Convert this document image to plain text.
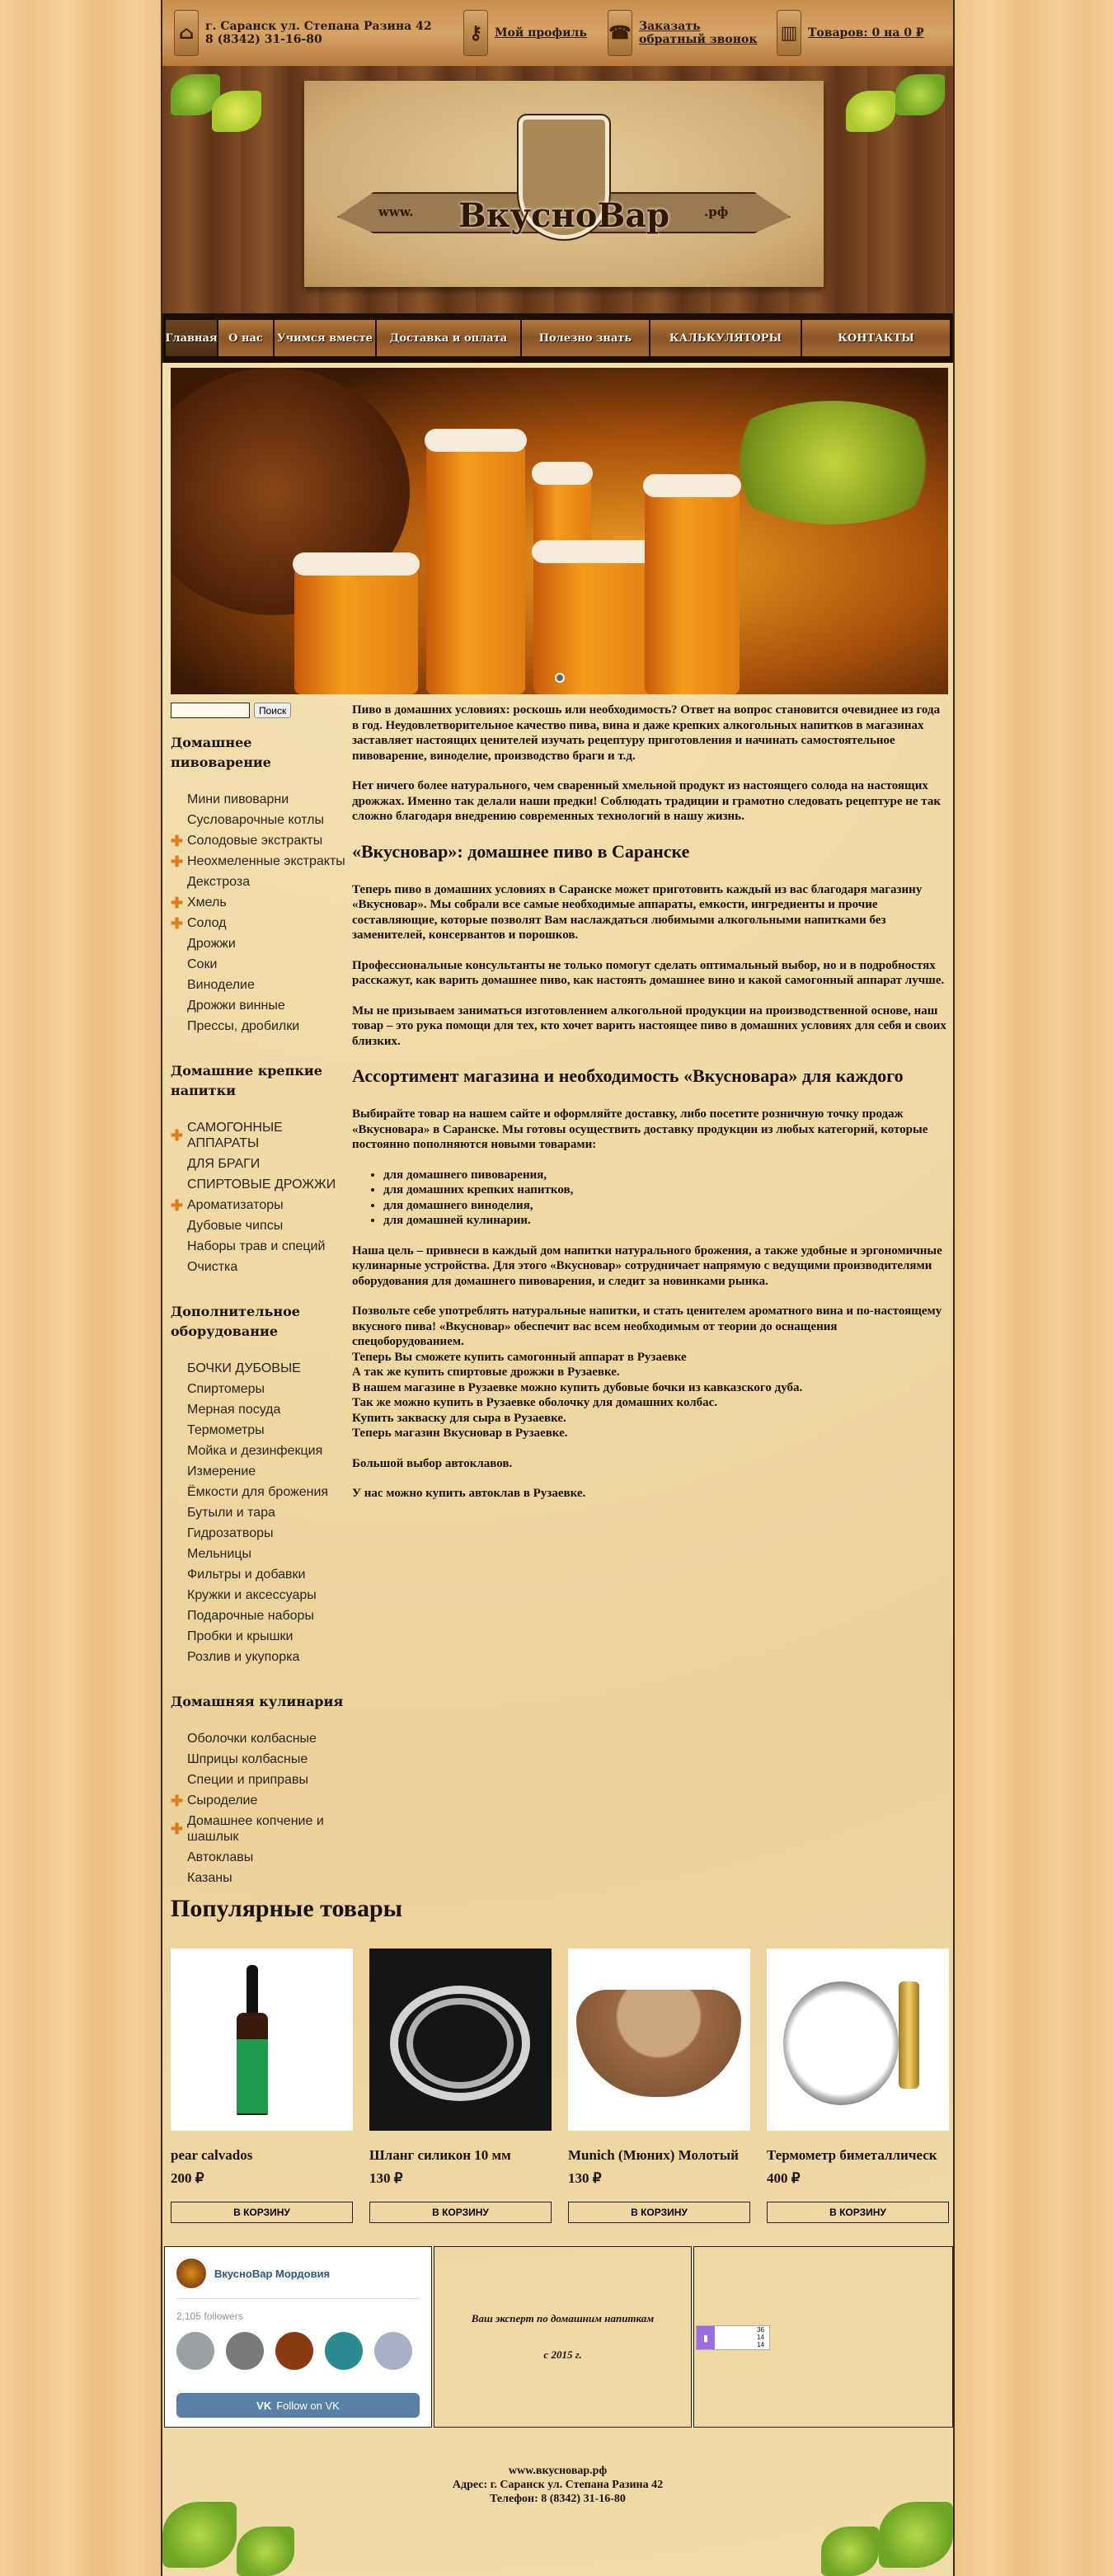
⌂ г. Саранск ул. Степана Разина 42
8 (8342) 31-16-80	⚷	Мой профиль ☎ Заказать
обратный звонок ▥ Товаров: 0 на 0 ₽
www.	.рф
ВкусноВар
Главная	О нас	Учимся вместе	Доставка и оплата	Полезно знать	КАЛЬКУЛЯТОРЫ	КОНТАКТЫ
Поиск
Домашнее пивоварение
Мини пивоварни
Сусловарочные котлы
✚ Солодовые экстракты
✚ Неохмеленные экстракты
Декстроза
✚ Хмель
✚ Солод
Дрожжи
Соки
Виноделие
Дрожжи винные
Прессы, дробилки
Домашние крепкие напитки
✚ САМОГОННЫЕ АППАРАТЫ
ДЛЯ БРАГИ
СПИРТОВЫЕ ДРОЖЖИ
✚ Ароматизаторы
Дубовые чипсы
Наборы трав и специй
Очистка
Дополнительное оборудование
БОЧКИ ДУБОВЫЕ
Спиртомеры
Мерная посуда
Термометры
Мойка и дезинфекция
Измерение
Ёмкости для брожения
Бутыли и тара
Гидрозатворы
Мельницы
Фильтры и добавки
Кружки и аксессуары
Подарочные наборы
Пробки и крышки
Розлив и укупорка
Домашняя кулинария
Оболочки колбасные
Шприцы колбасные
Специи и приправы
✚ Сыроделие
✚ Домашнее копчение и шашлык
Автоклавы
Казаны

Пиво в домашних условиях: роскошь или необходимость? Ответ на вопрос становится очевиднее из года в год. Неудовлетворительное качество пива, вина и даже крепких алкогольных напитков в магазинах заставляет настоящих ценителей изучать рецептуру приготовления и начинать самостоятельное пивоварение, виноделие, производство браги и т.д.

Нет ничего более натурального, чем сваренный хмельной продукт из настоящего солода на настоящих дрожжах. Именно так делали наши предки! Соблюдать традиции и грамотно следовать рецептуре не так сложно благодаря внедрению современных технологий в нашу жизнь.

«Вкусновар»: домашнее пиво в Саранске

Теперь пиво в домашних условиях в Саранске может приготовить каждый из вас благодаря магазину «Вкусновар». Мы собрали все самые необходимые аппараты, емкости, ингредиенты и прочие составляющие, которые позволят Вам наслаждаться любимыми алкогольными напитками без заменителей, консервантов и порошков.

Профессиональные консультанты не только помогут сделать оптимальный выбор, но и в подробностях расскажут, как варить домашнее пиво, как настоять домашнее вино и какой самогонный аппарат лучше.

Мы не призываем заниматься изготовлением алкогольной продукции на производственной основе, наш товар – это рука помощи для тех, кто хочет варить настоящее пиво в домашних условиях для себя и своих близких.

Ассортимент магазина и необходимость «Вкусновара» для каждого

Выбирайте товар на нашем сайте и оформляйте доставку, либо посетите розничную точку продаж «Вкусновара» в Саранске. Мы готовы осуществить доставку продукции из любых категорий, которые постоянно пополняются новыми товарами:

• для домашнего пивоварения,
• для домашних крепких напитков,
• для домашнего виноделия,
• для домашней кулинарии.

Наша цель – привнеси в каждый дом напитки натурального брожения, а также удобные и эргономичные кулинарные устройства. Для этого «Вкусновар» сотрудничает напрямую с ведущими производителями оборудования для домашнего пивоварения, и следит за новинками рынка.

Позвольте себе употреблять натуральные напитки, и стать ценителем ароматного вина и по-настоящему вкусного пива! «Вкусновар» обеспечит вас всем необходимым от теории до оснащения спецоборудованием.

Теперь Вы сможете купить самогонный аппарат в Рузаевке

А так же купить спиртовые дрожжи в Рузаевке.

В нашем магазине в Рузаевке можно купить дубовые бочки из кавказского дуба.

Так же можно купить в Рузаевке оболочку для домашних колбас.

Купить закваску для сыра в Рузаевке.

Теперь магазин Вкусновар в Рузаевке.

Большой выбор автоклавов.

У нас можно купить автоклав в Рузаевке.

Популярные товары
pear calvados
200 ₽
В КОРЗИНУ
Шланг силикон 10 мм
130 ₽
В КОРЗИНУ
Munich (Мюних) Молотый
130 ₽
В КОРЗИНУ
Термометр биметаллическ
400 ₽
В КОРЗИНУ
ВкусноВар Мордовия
2,105 followers
VK Follow on VK
Ваш эксперт по домашним напиткам
с 2015 г.
▮
36
14
14
www.вкусновар.рф
Адрес: г. Саранск ул. Степана Разина 42
Телефон: 8 (8342) 31-16-80
